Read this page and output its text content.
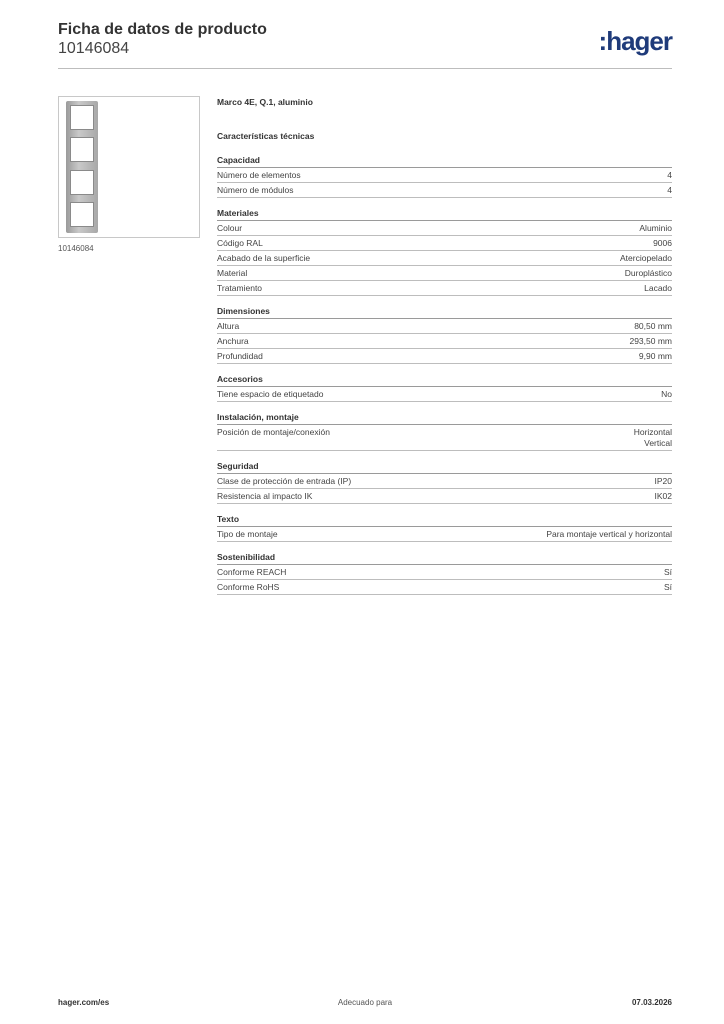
Ficha de datos de producto
10146084	:hager
10146084
Marco 4E, Q.1, aluminio
Características técnicas
Capacidad
Número de elementos	4
Número de módulos	4
Materiales
Colour	Aluminio
Código RAL	9006
Acabado de la superficie	Aterciopelado
Material	Duroplástico
Tratamiento	Lacado
Dimensiones
Altura	80,50 mm
Anchura	293,50 mm
Profundidad	9,90 mm
Accesorios
Tiene espacio de etiquetado	No
Instalación, montaje
Posición de montaje/conexión	Horizontal
Vertical
Seguridad
Clase de protección de entrada (IP)	IP20
Resistencia al impacto IK	IK02
Texto
Tipo de montaje	Para montaje vertical y horizontal
Sostenibilidad
Conforme REACH	Sí
Conforme RoHS	Sí
hager.com/es	Adecuado para	07.03.2026
